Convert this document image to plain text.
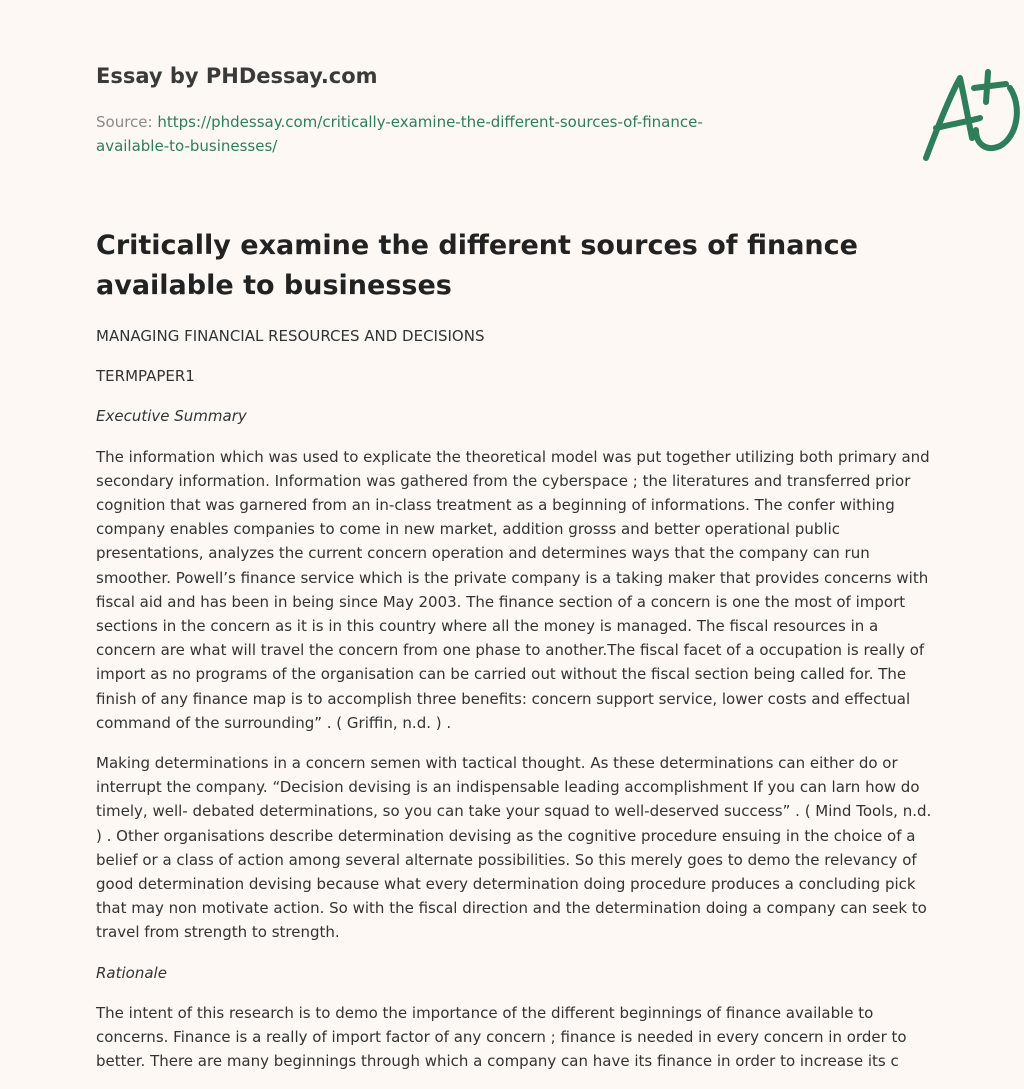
Essay by PHDessay.com
Source: https://phdessay.com/critically-examine-the-different-sources-of-finance-available-to-businesses/
Critically examine the different sources of finance available to businesses

MANAGING FINANCIAL RESOURCES AND DECISIONS

TERMPAPER1

Executive Summary

The information which was used to explicate the theoretical model was put together utilizing both primary and secondary information. Information was gathered from the cyberspace ; the literatures and transferred prior cognition that was garnered from an in-class treatment as a beginning of informations. The confer withing company enables companies to come in new market, addition grosss and better operational public presentations, analyzes the current concern operation and determines ways that the company can run smoother. Powell’s finance service which is the private company is a taking maker that provides concerns with fiscal aid and has been in being since May 2003. The finance section of a concern is one the most of import sections in the concern as it is in this country where all the money is managed. The fiscal resources in a concern are what will travel the concern from one phase to another.The fiscal facet of a occupation is really of import as no programs of the organisation can be carried out without the fiscal section being called for. The finish of any finance map is to accomplish three benefits: concern support service, lower costs and effectual command of the surrounding” . ( Griffin, n.d. ) .

Making determinations in a concern semen with tactical thought. As these determinations can either do or interrupt the company. “Decision devising is an indispensable leading accomplishment If you can larn how do timely, well- debated determinations, so you can take your squad to well-deserved success” . ( Mind Tools, n.d. ) . Other organisations describe determination devising as the cognitive procedure ensuing in the choice of a belief or a class of action among several alternate possibilities. So this merely goes to demo the relevancy of good determination devising because what every determination doing procedure produces a concluding pick that may non motivate action. So with the fiscal direction and the determination doing a company can seek to travel from strength to strength.

Rationale

The intent of this research is to demo the importance of the different beginnings of finance available to concerns. Finance is a really of import factor of any concern ; finance is needed in every concern in order to better. There are many beginnings through which a company can have its finance in order to increase its c
